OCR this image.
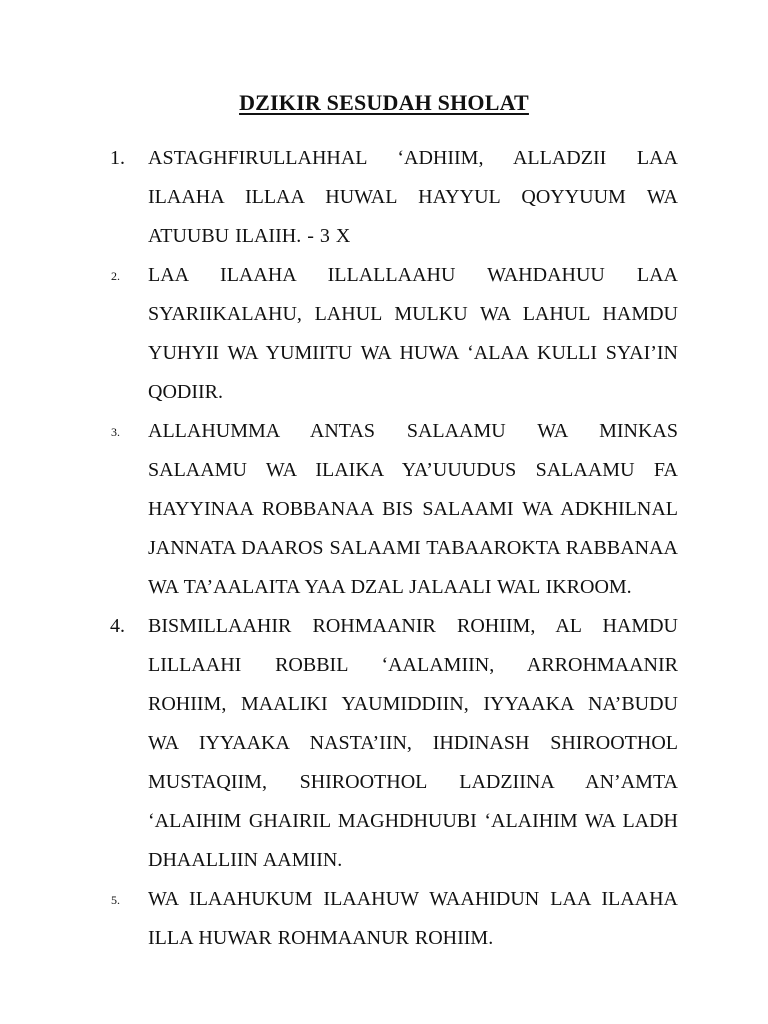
DZIKIR SESUDAH SHOLAT
1. ASTAGHFIRULLAHHAL ‘ADHIIM, ALLADZII LAA ILAAHA ILLAA HUWAL HAYYUL QOYYUUM WA ATUUBU ILAIIH. - 3 X
2. LAA ILAAHA ILLALLAAHU WAHDAHUU LAA SYARIIKALAHU, LAHUL MULKU WA LAHUL HAMDU YUHYII WA YUMIITU WA HUWA ‘ALAA KULLI SYAI’IN QODIIR.
3. ALLAHUMMA ANTAS SALAAMU WA MINKAS SALAAMU WA ILAIKA YA’UUUDUS SALAAMU FA HAYYINAA ROBBANAA BIS SALAAMI WA ADKHILNAL JANNATA DAAROS SALAAMI TABAAROKTA RABBANAA WA TA’AALAITA YAA DZAL JALAALI WAL IKROOM.
4. BISMILLAAHIR ROHMAANIR ROHIIM, AL HAMDU LILLAAHI ROBBIL ‘AALAMIIN, ARROHMAANIR ROHIIM, MAALIKI YAUMIDDIIN, IYYAAKA NA’BUDU WA IYYAAKA NASTA’IIN, IHDINASH SHIROOTHOL MUSTAQIIM, SHIROOTHOL LADZIINA AN’AMTA ‘ALAIHIM GHAIRIL MAGHDHUUBI ‘ALAIHIM WA LADH DHAALLIIN AAMIIN.
5. WA ILAAHUKUM ILAAHUW WAAHIDUN LAA ILAAHA ILLA HUWAR ROHMAANUR ROHIIM.
